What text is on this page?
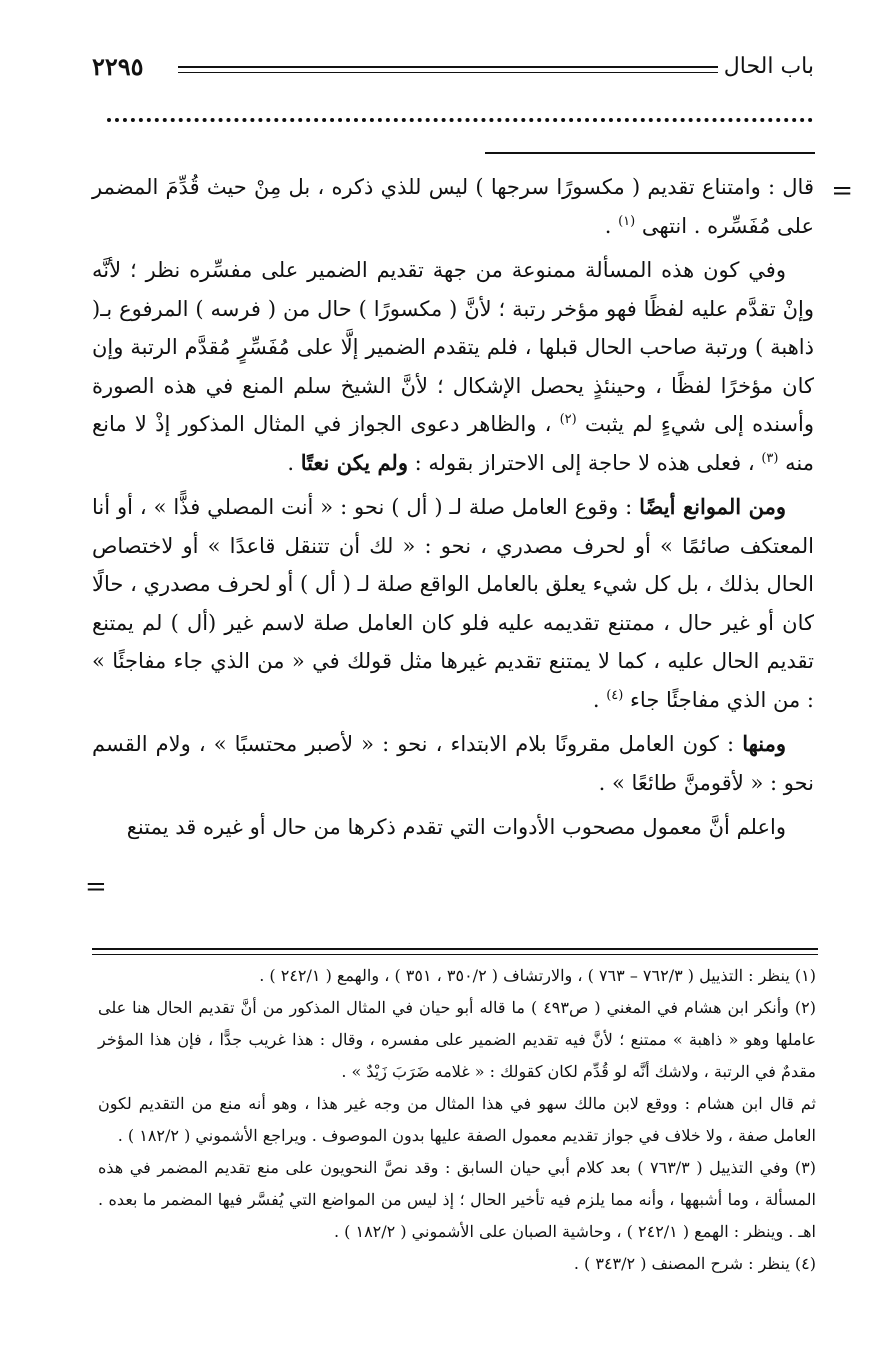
باب الحال
٢٢٩٥
=

قال : وامتناع تقديم ( مكسورًا سرجها ) ليس للذي ذكره ، بل مِنْ حيث قُدِّمَ المضمر على مُفَسِّره . انتهى $^{(١)}$ .

وفي كون هذه المسألة ممنوعة من جهة تقديم الضمير على مفسِّره نظر ؛ لأنَّه وإنْ تقدَّم عليه لفظًا فهو مؤخر رتبة ؛ لأنَّ ( مكسورًا ) حال من ( فرسه ) المرفوع بـ( ذاهبة ) ورتبة صاحب الحال قبلها ، فلم يتقدم الضمير إلَّا على مُفَسِّرٍ مُقدَّم الرتبة وإن كان مؤخرًا لفظًا ، وحينئذٍ يحصل الإشكال ؛ لأنَّ الشيخ سلم المنع في هذه الصورة وأسنده إلى شيءٍ لم يثبت $^{(٢)}$ ، والظاهر دعوى الجواز في المثال المذكور إذْ لا مانع منه $^{(٣)}$ ، فعلى هذه لا حاجة إلى الاحتراز بقوله : ولم يكن نعتًا .

ومن الموانع أيضًا : وقوع العامل صلة لـ ( أل ) نحو : « أنت المصلي فذًّا » ، أو أنا المعتكف صائمًا » أو لحرف مصدري ، نحو : « لك أن تتنقل قاعدًا » أو لاختصاص الحال بذلك ، بل كل شيء يعلق بالعامل الواقع صلة لـ ( أل ) أو لحرف مصدري ، حالًا كان أو غير حال ، ممتنع تقديمه عليه فلو كان العامل صلة لاسم غير (أل ) لم يمتنع تقديم الحال عليه ، كما لا يمتنع تقديم غيرها مثل قولك في « من الذي جاء مفاجئًا » : من الذي مفاجئًا جاء $^{(٤)}$ .

ومنها : كون العامل مقرونًا بلام الابتداء ، نحو : « لأصبر محتسبًا » ، ولام القسم نحو : « لأقومنَّ طائعًا » .

واعلم أنَّ معمول مصحوب الأدوات التي تقدم ذكرها من حال أو غيره قد يمتنع

=

(١) ينظر : التذييل ( ٧٦٢/٣ – ٧٦٣ ) ، والارتشاف ( ٣٥٠/٢ ، ٣٥١ ) ، والهمع ( ٢٤٢/١ ) .

(٢) وأنكر ابن هشام في المغني ( ص٤٩٣ ) ما قاله أبو حيان في المثال المذكور من أنَّ تقديم الحال هنا على عاملها وهو « ذاهبة » ممتنع ؛ لأنَّ فيه تقديم الضمير على مفسره ، وقال : هذا غريب جدًّا ، فإن هذا المؤخر مقدمٌ في الرتبة ، ولاشك أنَّه لو قُدِّم لكان كقولك : « غلامه ضَرَبَ زَيْدٌ » .

ثم قال ابن هشام : ووقع لابن مالك سهو في هذا المثال من وجه غير هذا ، وهو أنه منع من التقديم لكون العامل صفة ، ولا خلاف في جواز تقديم معمول الصفة عليها بدون الموصوف . ويراجع الأشموني ( ١٨٢/٢ ) .

(٣) وفي التذييل ( ٧٦٣/٣ ) بعد كلام أبي حيان السابق : وقد نصَّ النحويون على منع تقديم المضمر في هذه المسألة ، وما أشبهها ، وأنه مما يلزم فيه تأخير الحال ؛ إذ ليس من المواضع التي يُفسَّر فيها المضمر ما بعده . اهـ . وينظر : الهمع ( ٢٤٢/١ ) ، وحاشية الصبان على الأشموني ( ١٨٢/٢ ) .

(٤) ينظر : شرح المصنف ( ٣٤٣/٢ ) .
